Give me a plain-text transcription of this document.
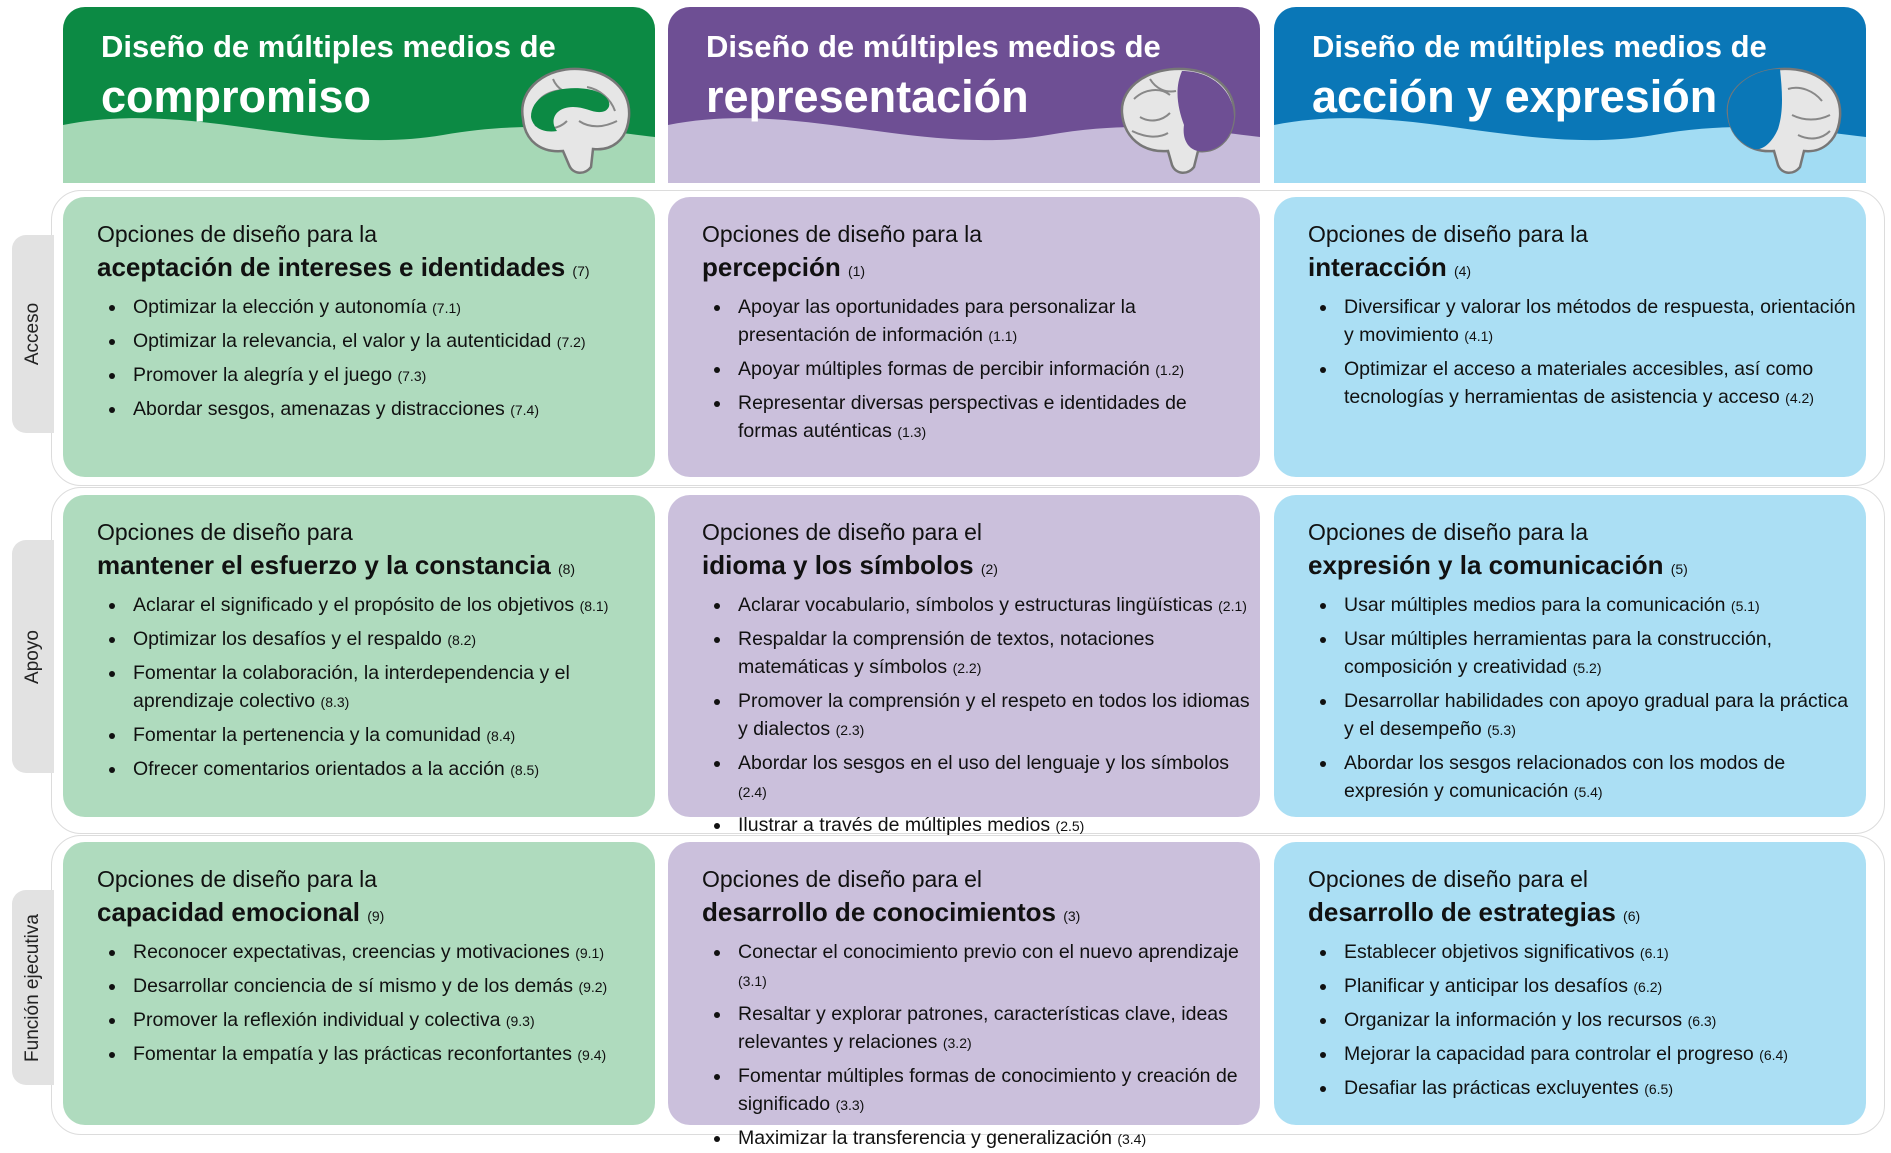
Diseño de múltiples medios de
compromiso
Diseño de múltiples medios de
representación
Diseño de múltiples medios de
acción y expresión
Acceso
Apoyo
Función ejecutiva
Opciones de diseño para la
aceptación de intereses e identidades (7)
• Optimizar la elección y autonomía (7.1)
• Optimizar la relevancia, el valor y la autenticidad (7.2)
• Promover la alegría y el juego (7.3)
• Abordar sesgos, amenazas y distracciones (7.4)
Opciones de diseño para la
percepción (1)
• Apoyar las oportunidades para personalizar la presentación de información (1.1)
• Apoyar múltiples formas de percibir información (1.2)
• Representar diversas perspectivas e identidades de formas auténticas (1.3)
Opciones de diseño para la
interacción (4)
• Diversificar y valorar los métodos de respuesta, orientación y movimiento (4.1)
• Optimizar el acceso a materiales accesibles, así como tecnologías y herramientas de asistencia y acceso (4.2)
Opciones de diseño para
mantener el esfuerzo y la constancia (8)
• Aclarar el significado y el propósito de los objetivos (8.1)
• Optimizar los desafíos y el respaldo (8.2)
• Fomentar la colaboración, la interdependencia y el aprendizaje colectivo (8.3)
• Fomentar la pertenencia y la comunidad (8.4)
• Ofrecer comentarios orientados a la acción (8.5)
Opciones de diseño para el
idioma y los símbolos (2)
• Aclarar vocabulario, símbolos y estructuras lingüísticas (2.1)
• Respaldar la comprensión de textos, notaciones matemáticas y símbolos (2.2)
• Promover la comprensión y el respeto en todos los idiomas y dialectos (2.3)
• Abordar los sesgos en el uso del lenguaje y los símbolos (2.4)
• Ilustrar a través de múltiples medios (2.5)
Opciones de diseño para la
expresión y la comunicación (5)
• Usar múltiples medios para la comunicación (5.1)
• Usar múltiples herramientas para la construcción, composición y creatividad (5.2)
• Desarrollar habilidades con apoyo gradual para la práctica y el desempeño (5.3)
• Abordar los sesgos relacionados con los modos de expresión y comunicación (5.4)
Opciones de diseño para la
capacidad emocional (9)
• Reconocer expectativas, creencias y motivaciones (9.1)
• Desarrollar conciencia de sí mismo y de los demás (9.2)
• Promover la reflexión individual y colectiva (9.3)
• Fomentar la empatía y las prácticas reconfortantes (9.4)
Opciones de diseño para el
desarrollo de conocimientos (3)
• Conectar el conocimiento previo con el nuevo aprendizaje (3.1)
• Resaltar y explorar patrones, características clave, ideas relevantes y relaciones (3.2)
• Fomentar múltiples formas de conocimiento y creación de significado (3.3)
• Maximizar la transferencia y generalización (3.4)
Opciones de diseño para el
desarrollo de estrategias (6)
• Establecer objetivos significativos (6.1)
• Planificar y anticipar los desafíos (6.2)
• Organizar la información y los recursos (6.3)
• Mejorar la capacidad para controlar el progreso (6.4)
• Desafiar las prácticas excluyentes (6.5)
